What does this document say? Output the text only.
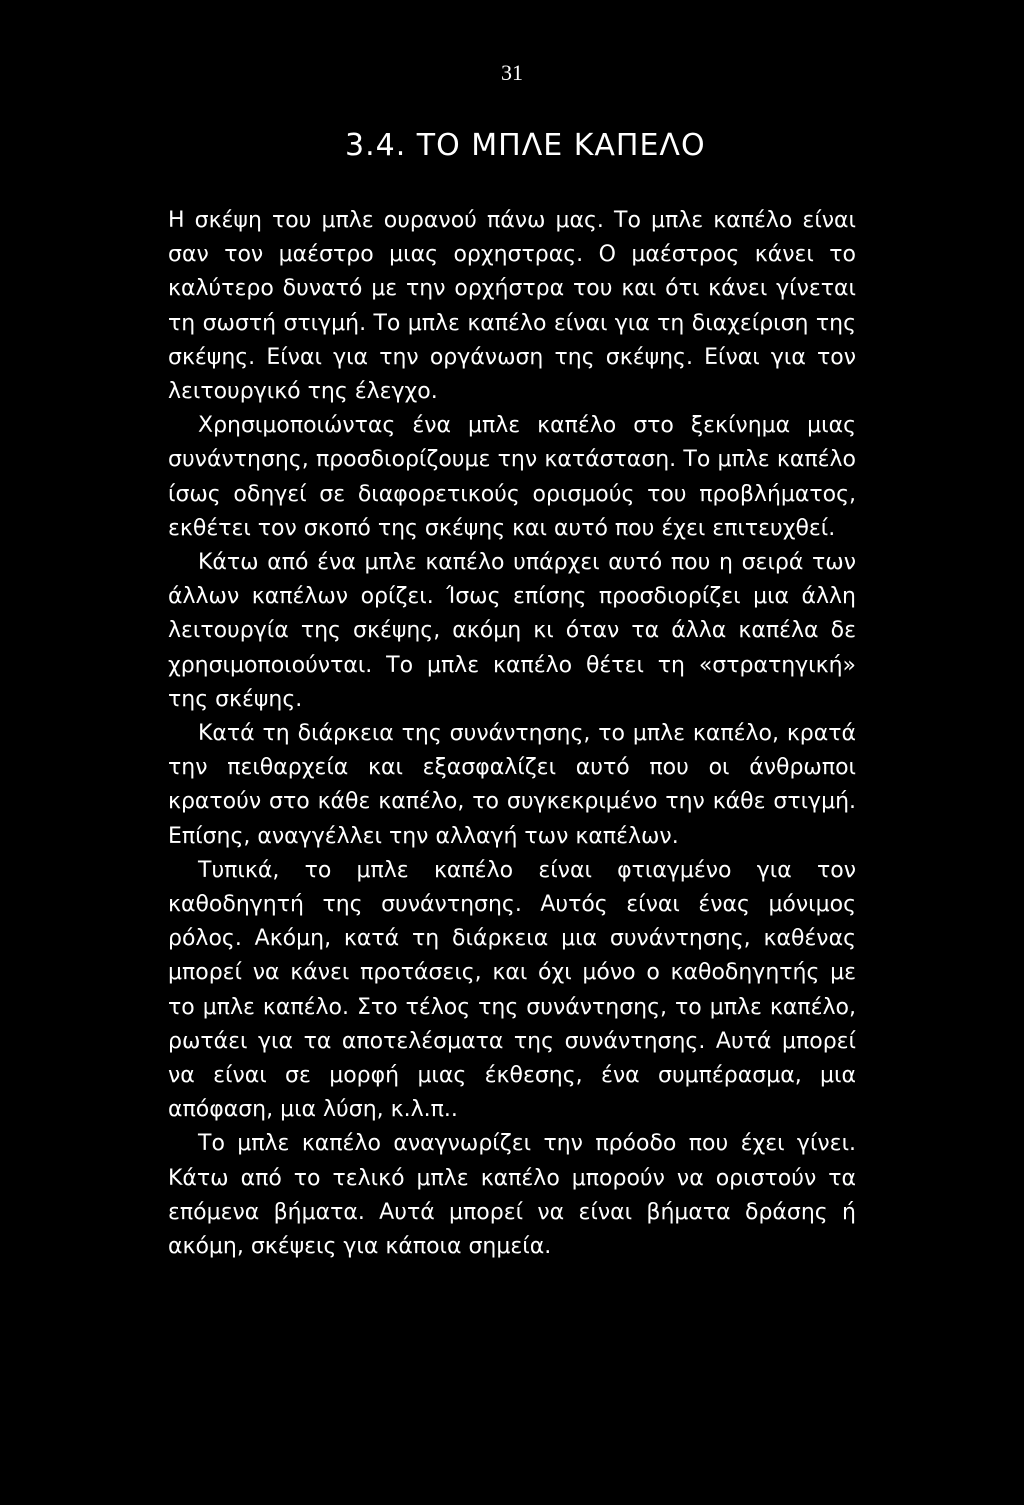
31
3.4. ΤΟ ΜΠΛΕ ΚΑΠΕΛΟ

Η σκέψη του μπλε ουρανού πάνω μας. Το μπλε καπέλο είναι σαν τον μαέστρο μιας ορχηστρας. Ο μαέστρος κάνει το καλύτερο δυνατό με την ορχήστρα του και ότι κάνει γίνεται τη σωστή στιγμή. Το μπλε καπέλο είναι για τη διαχείριση της σκέψης. Είναι για την οργάνωση της σκέψης. Είναι για τον λειτουργικό της έλεγχο.

Χρησιμοποιώντας ένα μπλε καπέλο στο ξεκίνημα μιας συνάντησης, προσδιορίζουμε την κατάσταση. Το μπλε καπέλο ίσως οδηγεί σε διαφορετικούς ορισμούς του προβλήματος, εκθέτει τον σκοπό της σκέψης και αυτό που έχει επιτευχθεί.

Κάτω από ένα μπλε καπέλο υπάρχει αυτό που η σειρά των άλλων καπέλων ορίζει. Ίσως επίσης προσδιορίζει μια άλλη λειτουργία της σκέψης, ακόμη κι όταν τα άλλα καπέλα δε χρησιμοποιούνται. Το μπλε καπέλο θέτει τη «στρατηγική» της σκέψης.

Κατά τη διάρκεια της συνάντησης, το μπλε καπέλο, κρατά την πειθαρχεία και εξασφαλίζει αυτό που οι άνθρωποι κρατούν στο κάθε καπέλο, το συγκεκριμένο την κάθε στιγμή. Επίσης, αναγγέλλει την αλλαγή των καπέλων.

Τυπικά, το μπλε καπέλο είναι φτιαγμένο για τον καθοδηγητή της συνάντησης. Αυτός είναι ένας μόνιμος ρόλος. Ακόμη, κατά τη διάρκεια μια συνάντησης, καθένας μπορεί να κάνει προτάσεις, και όχι μόνο ο καθοδηγητής με το μπλε καπέλο. Στο τέλος της συνάντησης, το μπλε καπέλο, ρωτάει για τα αποτελέσματα της συνάντησης. Αυτά μπορεί να είναι σε μορφή μιας έκθεσης, ένα συμπέρασμα, μια απόφαση, μια λύση, κ.λ.π..

Το μπλε καπέλο αναγνωρίζει την πρόοδο που έχει γίνει. Κάτω από το τελικό μπλε καπέλο μπορούν να οριστούν τα επόμενα βήματα. Αυτά μπορεί να είναι βήματα δράσης ή ακόμη, σκέψεις για κάποια σημεία.
